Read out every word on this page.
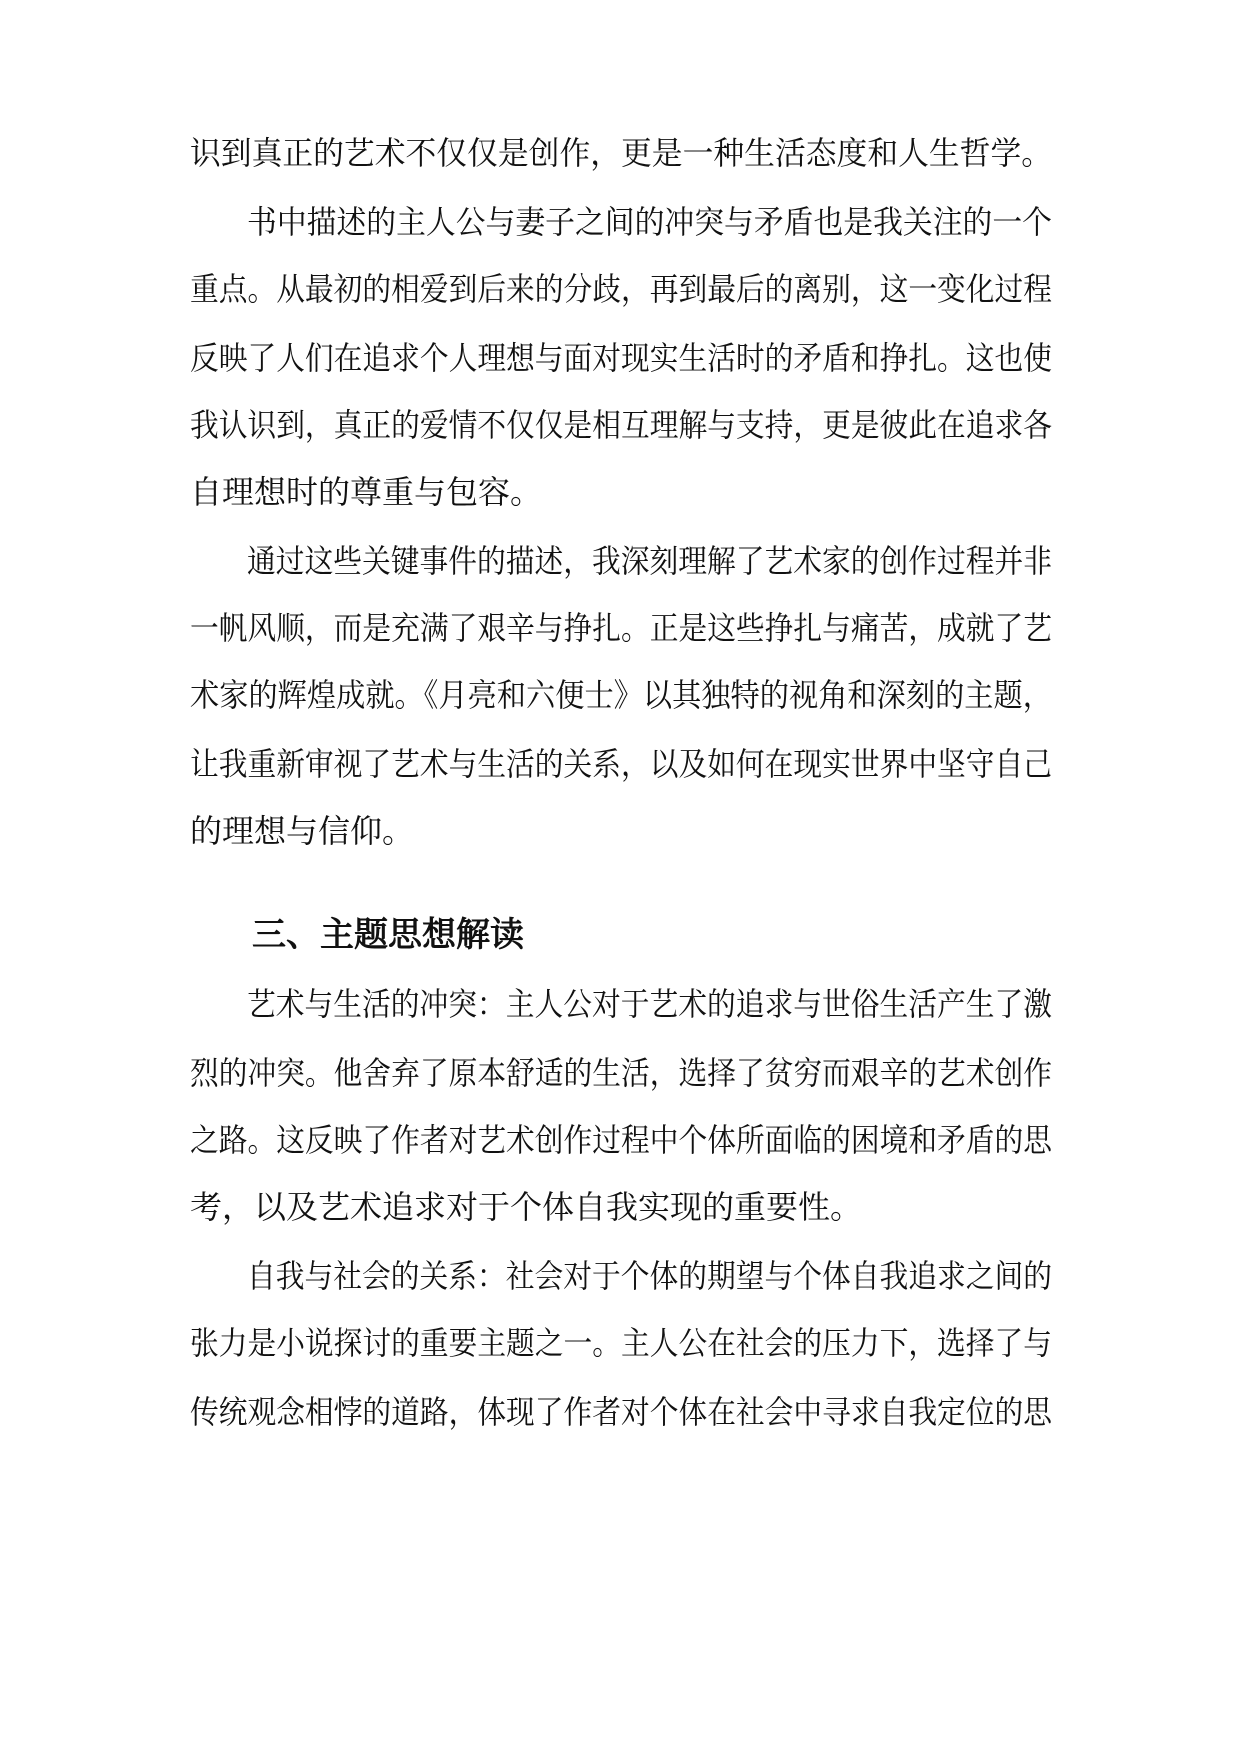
识到真正的艺术不仅仅是创作，更是一种生活态度和人生哲学。
书中描述的主人公与妻子之间的冲突与矛盾也是我关注的一个
重点。从最初的相爱到后来的分歧，再到最后的离别，这一变化过程
反映了人们在追求个人理想与面对现实生活时的矛盾和挣扎。这也使
我认识到，真正的爱情不仅仅是相互理解与支持，更是彼此在追求各
自理想时的尊重与包容。
通过这些关键事件的描述，我深刻理解了艺术家的创作过程并非
一帆风顺，而是充满了艰辛与挣扎。正是这些挣扎与痛苦，成就了艺
术家的辉煌成就。《月亮和六便士》以其独特的视角和深刻的主题，
让我重新审视了艺术与生活的关系，以及如何在现实世界中坚守自己
的理想与信仰。
三、主题思想解读
艺术与生活的冲突：主人公对于艺术的追求与世俗生活产生了激
烈的冲突。他舍弃了原本舒适的生活，选择了贫穷而艰辛的艺术创作
之路。这反映了作者对艺术创作过程中个体所面临的困境和矛盾的思
考，以及艺术追求对于个体自我实现的重要性。
自我与社会的关系：社会对于个体的期望与个体自我追求之间的
张力是小说探讨的重要主题之一。主人公在社会的压力下，选择了与
传统观念相悖的道路，体现了作者对个体在社会中寻求自我定位的思
